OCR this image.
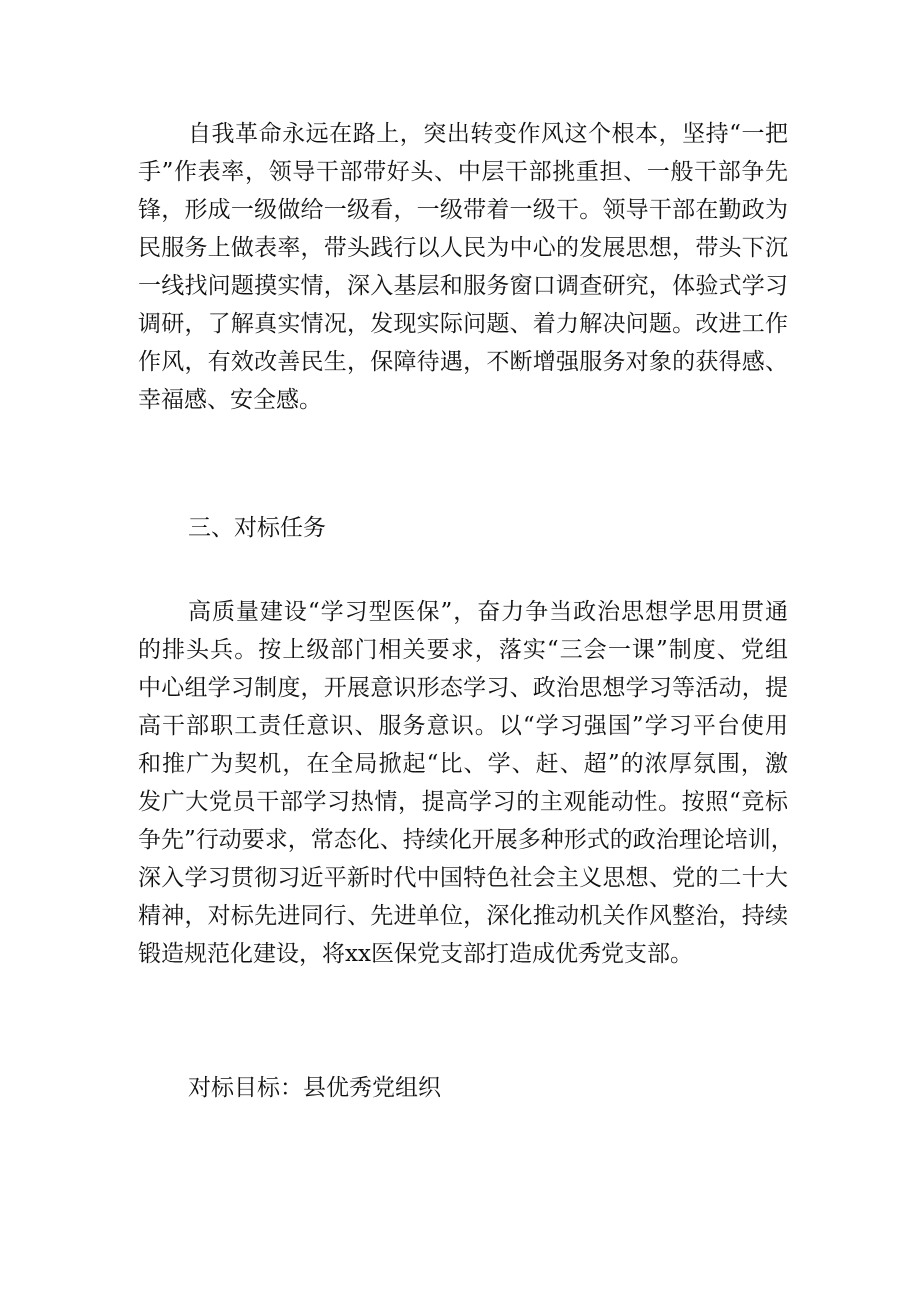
自我革命永远在路上，突出转变作风这个根本，坚持“一把
手”作表率，领导干部带好头、中层干部挑重担、一般干部争先
锋，形成一级做给一级看，一级带着一级干。领导干部在勤政为
民服务上做表率，带头践行以人民为中心的发展思想，带头下沉
一线找问题摸实情，深入基层和服务窗口调查研究，体验式学习
调研，了解真实情况，发现实际问题、着力解决问题。改进工作
作风，有效改善民生，保障待遇，不断增强服务对象的获得感、
幸福感、安全感。
三、对标任务
高质量建设“学习型医保”，奋力争当政治思想学思用贯通
的排头兵。按上级部门相关要求，落实“三会一课”制度、党组
中心组学习制度，开展意识形态学习、政治思想学习等活动，提
高干部职工责任意识、服务意识。以“学习强国”学习平台使用
和推广为契机，在全局掀起“比、学、赶、超”的浓厚氛围，激
发广大党员干部学习热情，提高学习的主观能动性。按照“竞标
争先”行动要求，常态化、持续化开展多种形式的政治理论培训，
深入学习贯彻习近平新时代中国特色社会主义思想、党的二十大
精神，对标先进同行、先进单位，深化推动机关作风整治，持续
锻造规范化建设，将xx医保党支部打造成优秀党支部。
对标目标：县优秀党组织
